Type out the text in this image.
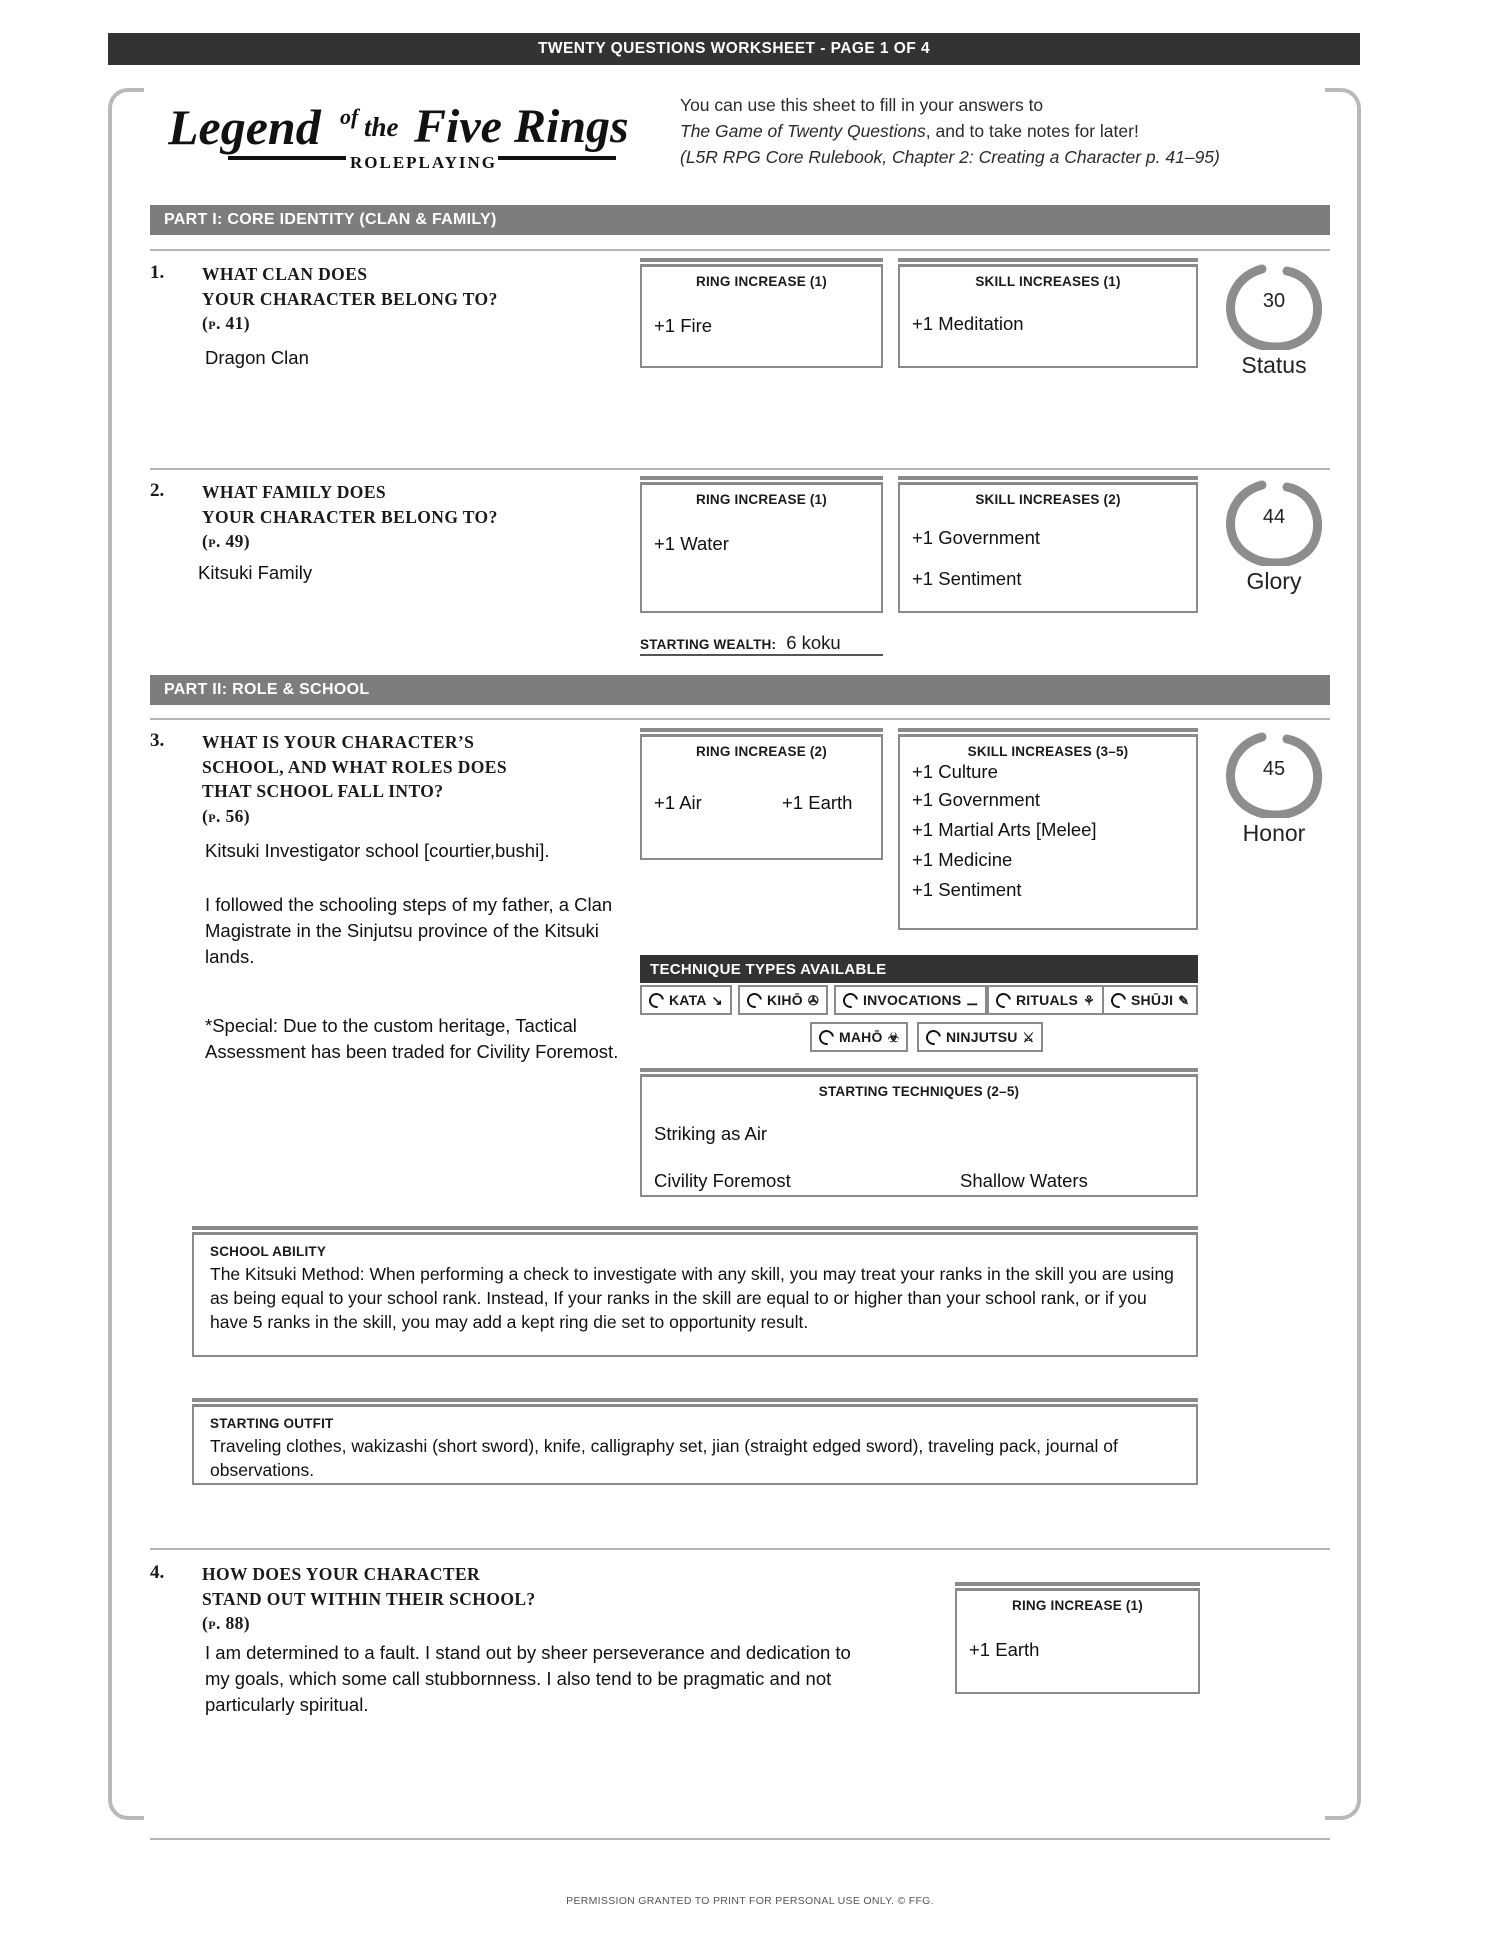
TWENTY QUESTIONS WORKSHEET - PAGE 1 OF 4
Legend of the Five Rings
ROLEPLAYING
You can use this sheet to fill in your answers to
The Game of Twenty Questions, and to take notes for later!
(L5R RPG Core Rulebook, Chapter 2: Creating a Character p. 41–95)
PART I: CORE IDENTITY (CLAN & FAMILY)
1. WHAT CLAN DOES
YOUR CHARACTER BELONG TO?
(p. 41)
Dragon Clan
RING INCREASE (1)
+1 Fire
SKILL INCREASES (1)
+1 Meditation
30
Status
2. WHAT FAMILY DOES
YOUR CHARACTER BELONG TO?
(p. 49)
Kitsuki Family
RING INCREASE (1)
+1 Water
SKILL INCREASES (2)
+1 Government
+1 Sentiment
STARTING WEALTH: 6 koku
44
Glory
PART II: ROLE & SCHOOL
3. WHAT IS YOUR CHARACTER’S
SCHOOL, AND WHAT ROLES DOES
THAT SCHOOL FALL INTO?
(p. 56)
Kitsuki Investigator school [courtier,bushi].
I followed the schooling steps of my father, a Clan Magistrate in the Sinjutsu province of the Kitsuki lands.
*Special: Due to the custom heritage, Tactical Assessment has been traded for Civility Foremost.
RING INCREASE (2)
+1 Air	+1 Earth
SKILL INCREASES (3–5)
+1 Culture
+1 Government
+1 Martial Arts [Melee]
+1 Medicine
+1 Sentiment
45
Honor
TECHNIQUE TYPES AVAILABLE
KATA ↘	KIHŌ ✇	INVOCATIONS ⚊	RITUALS ⚘	SHŪJI ✎
MAHŌ ☣	NINJUTSU ⚔
STARTING TECHNIQUES (2–5)
Striking as Air
Civility Foremost	Shallow Waters
SCHOOL ABILITY
The Kitsuki Method: When performing a check to investigate with any skill, you may treat your ranks in the skill you are using as being equal to your school rank. Instead, If your ranks in the skill are equal to or higher than your school rank, or if you have 5 ranks in the skill, you may add a kept ring die set to opportunity result.
STARTING OUTFIT
Traveling clothes, wakizashi (short sword), knife, calligraphy set, jian (straight edged sword), traveling pack, journal of observations.
4. HOW DOES YOUR CHARACTER
STAND OUT WITHIN THEIR SCHOOL?
(p. 88)
I am determined to a fault. I stand out by sheer perseverance and dedication to my goals, which some call stubbornness. I also tend to be pragmatic and not particularly spiritual.
RING INCREASE (1)
+1 Earth
PERMISSION GRANTED TO PRINT FOR PERSONAL USE ONLY. © FFG.
